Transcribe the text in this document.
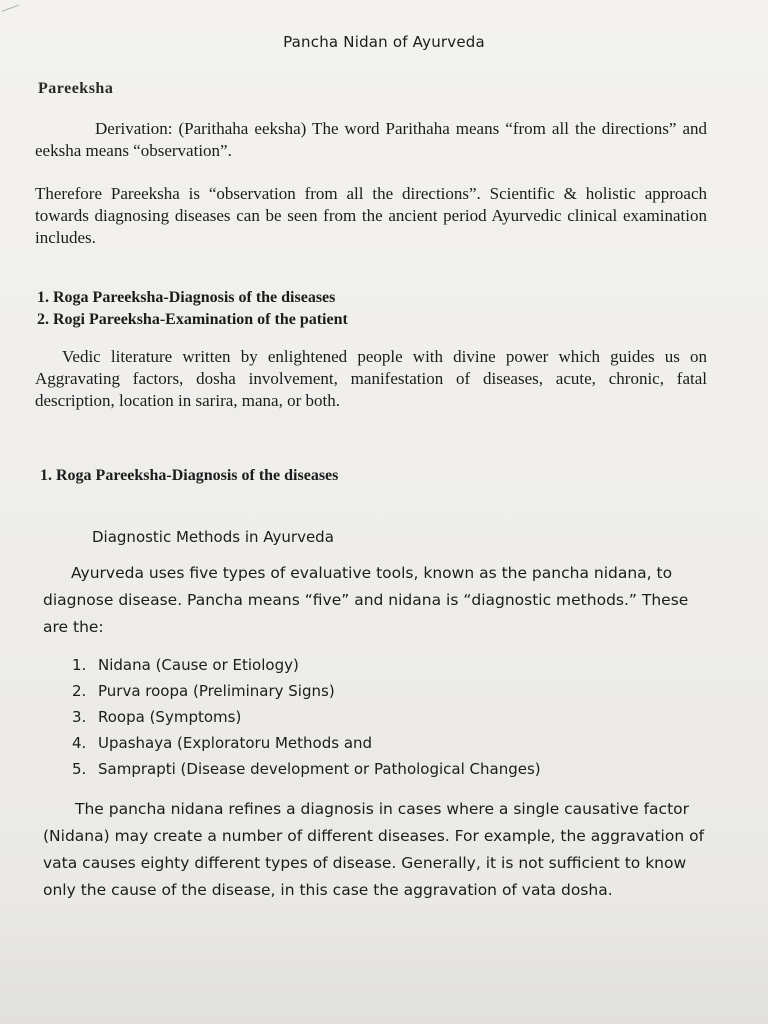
Pancha Nidan of Ayurveda
Pareeksha

Derivation: (Parithaha eeksha) The word Parithaha means “from all the directions” and eeksha means “observation”.

Therefore Pareeksha is “observation from all the directions”. Scientific & holistic approach towards diagnosing diseases can be seen from the ancient period Ayurvedic clinical examination includes.

1. Roga Pareeksha-Diagnosis of the diseases
2. Rogi Pareeksha-Examination of the patient

Vedic literature written by enlightened people with divine power which guides us on Aggravating factors, dosha involvement, manifestation of diseases, acute, chronic, fatal description, location in sarira, mana, or both.

1. Roga Pareeksha-Diagnosis of the diseases
Diagnostic Methods in Ayurveda

Ayurveda uses five types of evaluative tools, known as the pancha nidana, to diagnose disease. Pancha means “five” and nidana is “diagnostic methods.” These are the:

1. Nidana (Cause or Etiology)
2. Purva roopa (Preliminary Signs)
3. Roopa (Symptoms)
4. Upashaya (Exploratoru Methods and
5. Samprapti (Disease development or Pathological Changes)

The pancha nidana refines a diagnosis in cases where a single causative factor (Nidana) may create a number of different diseases. For example, the aggravation of vata causes eighty different types of disease. Generally, it is not sufficient to know only the cause of the disease, in this case the aggravation of vata dosha.
